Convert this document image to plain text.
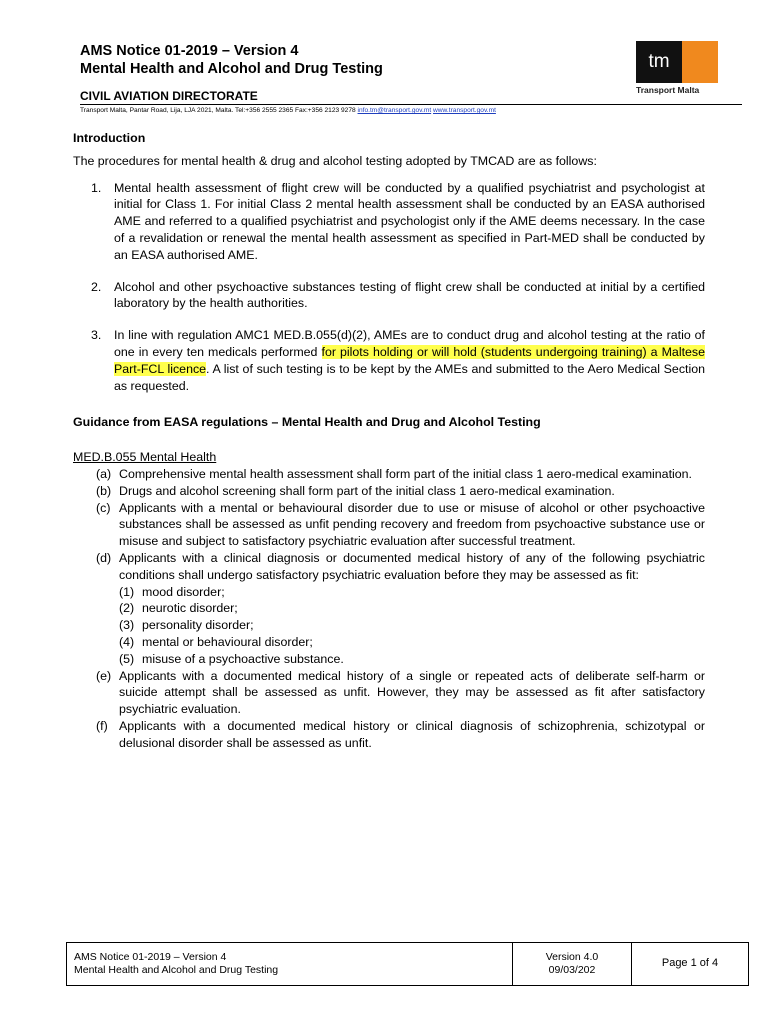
AMS Notice 01-2019 – Version 4
Mental Health and Alcohol and Drug Testing
CIVIL AVIATION DIRECTORATE
Transport Malta, Pantar Road, Lija, LJA 2021, Malta. Tel:+356 2555 2365 Fax:+356 2123 9278 info.tm@transport.gov.mt www.transport.gov.mt
tm
Transport Malta
Introduction

The procedures for mental health & drug and alcohol testing adopted by TMCAD are as follows:

1. Mental health assessment of flight crew will be conducted by a qualified psychiatrist and psychologist at initial for Class 1. For initial Class 2 mental health assessment shall be conducted by an EASA authorised AME and referred to a qualified psychiatrist and psychologist only if the AME deems necessary. In the case of a revalidation or renewal the mental health assessment as specified in Part-MED shall be conducted by an EASA authorised AME.
2. Alcohol and other psychoactive substances testing of flight crew shall be conducted at initial by a certified laboratory by the health authorities.
3. In line with regulation AMC1 MED.B.055(d)(2), AMEs are to conduct drug and alcohol testing at the ratio of one in every ten medicals performed for pilots holding or will hold (students undergoing training) a Maltese Part-FCL licence. A list of such testing is to be kept by the AMEs and submitted to the Aero Medical Section as requested.
Guidance from EASA regulations – Mental Health and Drug and Alcohol Testing
MED.B.055 Mental Health
(a) Comprehensive mental health assessment shall form part of the initial class 1 aero-medical examination.
(b) Drugs and alcohol screening shall form part of the initial class 1 aero-medical examination.
(c) Applicants with a mental or behavioural disorder due to use or misuse of alcohol or other psychoactive substances shall be assessed as unfit pending recovery and freedom from psychoactive substance use or misuse and subject to satisfactory psychiatric evaluation after successful treatment.
(d) Applicants with a clinical diagnosis or documented medical history of any of the following psychiatric conditions shall undergo satisfactory psychiatric evaluation before they may be assessed as fit:
(1) mood disorder;
(2) neurotic disorder;
(3) personality disorder;
(4) mental or behavioural disorder;
(5) misuse of a psychoactive substance.
(e) Applicants with a documented medical history of a single or repeated acts of deliberate self-harm or suicide attempt shall be assessed as unfit. However, they may be assessed as fit after satisfactory psychiatric evaluation.
(f) Applicants with a documented medical history or clinical diagnosis of schizophrenia, schizotypal or delusional disorder shall be assessed as unfit.
AMS Notice 01-2019 – Version 4
Mental Health and Alcohol and Drug Testing
Version 4.0
09/03/202
Page 1 of 4
